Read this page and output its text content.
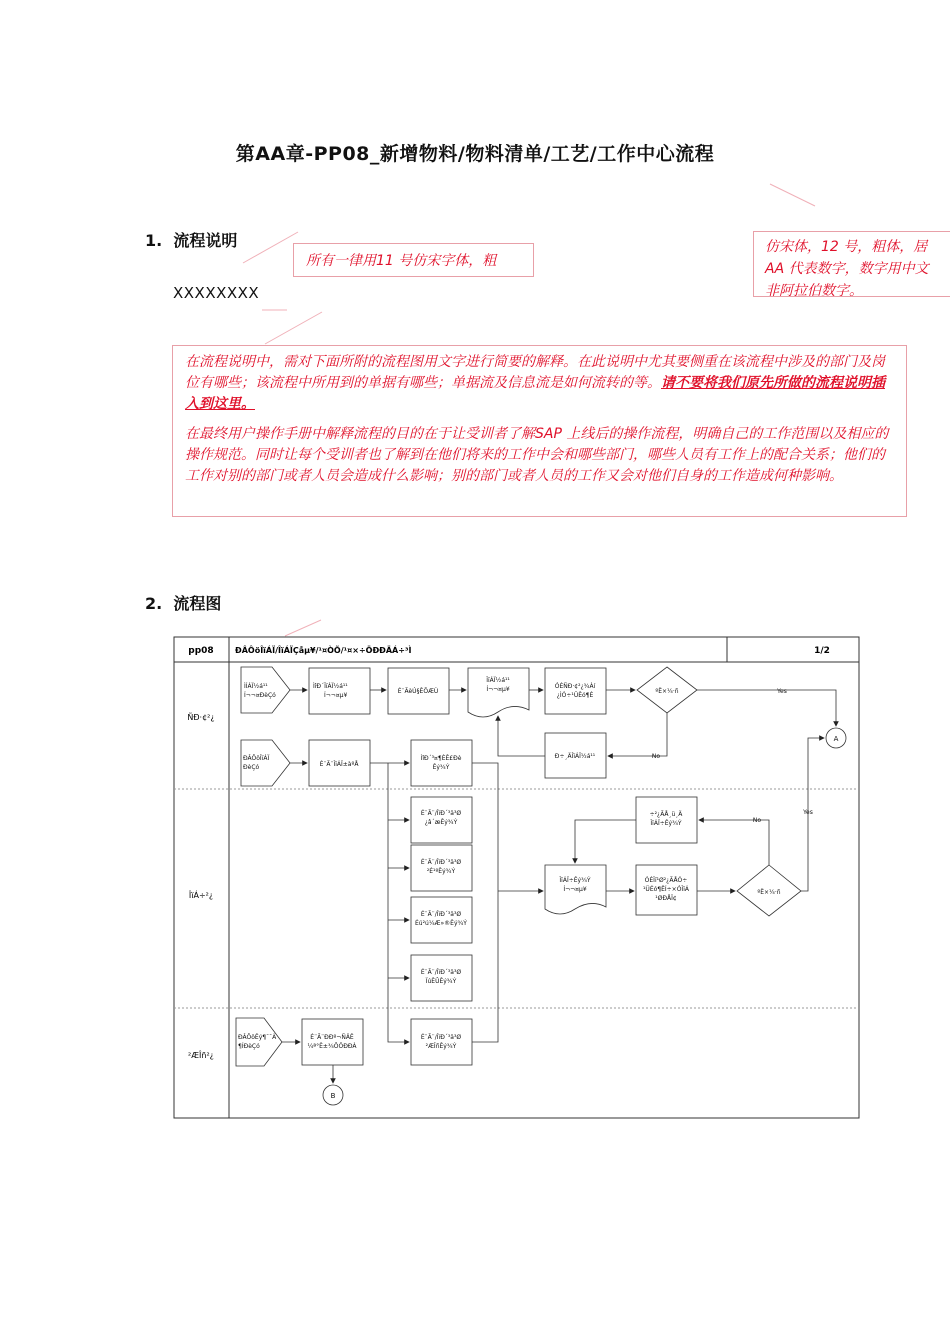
第AA章-PP08_新增物料/物料清单/工艺/工作中心流程
1. 流程说明
所有一律用11 号仿宋字体，粗
仿宋体，12 号，粗体，居
AA 代表数字，数字用中文
非阿拉伯数字。
XXXXXXXX

在流程说明中，需对下面所附的流程图用文字进行简要的解释。在此说明中尤其要侧重在该流程中涉及的部门及岗位有哪些；该流程中所用到的单据有哪些；单据流及信息流是如何流转的等。请不要将我们原先所做的流程说明插入到这里。

在最终用户操作手册中解释流程的目的在于让受训者了解SAP 上线后的操作流程，明确自己的工作范围以及相应的操作规范。同时让每个受训者也了解到在他们将来的工作中会和哪些部门，哪些人员有工作上的配合关系；他们的工作对别的部门或者人员会造成什么影响；别的部门或者人员的工作又会对他们自身的工作造成何种影响。

2. 流程图
pp08	ÐÂÔöÎïÁÏ/ÎïÁÏÇåµ¥/¹¤ÒÕ/¹¤×÷ÖÐÐÄÁ÷³Ì	1/2
ÑÐ·¢²¿
ÎïÁ÷²¿
²ÆÎñ²¿
ÌÍÁÏ½á¹¹
Í¬¬¤ÐèÇó
ÌîÐ´ÎïÁÏ½á¹¹
Í¬¬¤µ¥
É¨ÃèÚ§ÊÕÆÙ
ÎïÁÏ½á¹¹
Í¬¬¤µ¥	ÓÉÑÐ·¢²¿¾Àí
¿ÌÓ÷¹ÜÊó¶É
ºË×¼·ñ	Yes
No
Ð÷¸ÄÎïÁÏ½á¹¹
A
ÐÂÔöÎïÁÏ
ÐèÇó	É¨Ã¨ÎïÁÏ±àºÅ
ÌîÐ´³¤¶ÈÊ£Ðè
Êý¾Ý
É¨Ã¨/ÎïÐ´³ä³Ø
¿â´æÊý¾Ý
É¨Ã¨/ÎïÐ´³ä³Ø
²É¹ºÊý¾Ý
É¨Ã¨/ÎïÐ´³ä³Ø
Éú²ú¼Æ»®Êý¾Ý
É¨Ã¨/ÎïÐ´³ä³Ø
ÏúÊÛÊý¾Ý
ÎïÁÏ÷Êý¾Ý
Í¬¬¤µ¥
÷²¿ÃÅ¸ü¸Ä
ÎïÁÏ÷Êý¾Ý
ÓÉÎï¹Ø²¿ÃÅÓ÷
¹ÜÉó¶ËÍ÷×ÓÎïÁ
¹ØÐÅÏ¢
ºË×¼·ñ
No
Yes
ÐÂÔöÊý¶¯¯À
¶ÍÐèÇó
É¨Ã¨ÐÐº¬ÑÄÊ
¼ª°Ê±¾ÔÖÐÐÀ
É¨Ã¨/ÎïÐ´³ä³Ø
²ÆÎñÊý¾Ý
B
